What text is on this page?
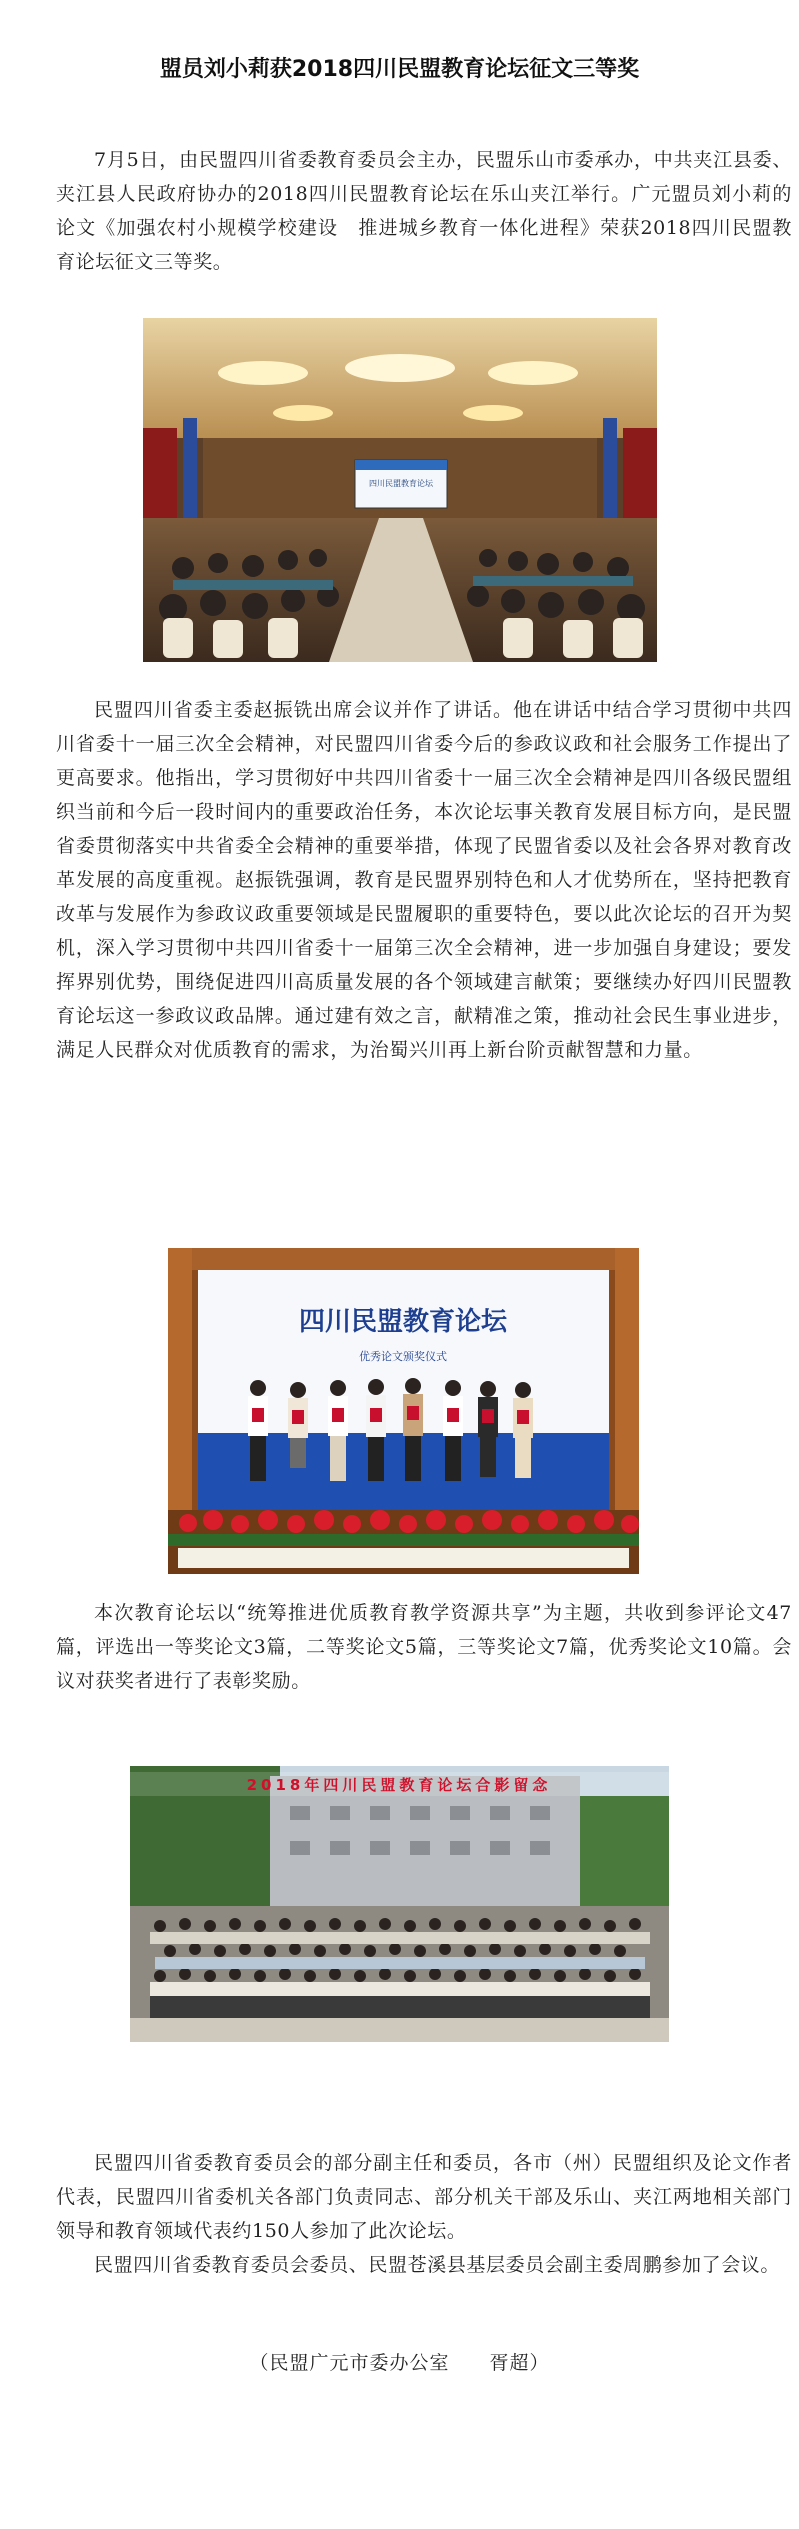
盟员刘小莉获2018四川民盟教育论坛征文三等奖

7月5日，由民盟四川省委教育委员会主办，民盟乐山市委承办，中共夹江县委、夹江县人民政府协办的2018四川民盟教育论坛在乐山夹江举行。广元盟员刘小莉的论文《加强农村小规模学校建设　推进城乡教育一体化进程》荣获2018四川民盟教育论坛征文三等奖。

四川民盟教育论坛

民盟四川省委主委赵振铣出席会议并作了讲话。他在讲话中结合学习贯彻中共四川省委十一届三次全会精神，对民盟四川省委今后的参政议政和社会服务工作提出了更高要求。他指出，学习贯彻好中共四川省委十一届三次全会精神是四川各级民盟组织当前和今后一段时间内的重要政治任务，本次论坛事关教育发展目标方向，是民盟省委贯彻落实中共省委全会精神的重要举措，体现了民盟省委以及社会各界对教育改革发展的高度重视。赵振铣强调，教育是民盟界别特色和人才优势所在，坚持把教育改革与发展作为参政议政重要领域是民盟履职的重要特色，要以此次论坛的召开为契机，深入学习贯彻中共四川省委十一届第三次全会精神，进一步加强自身建设；要发挥界别优势，围绕促进四川高质量发展的各个领域建言献策；要继续办好四川民盟教育论坛这一参政议政品牌。通过建有效之言，献精准之策，推动社会民生事业进步，满足人民群众对优质教育的需求，为治蜀兴川再上新台阶贡献智慧和力量。

四川民盟教育论坛
优秀论文颁奖仪式

本次教育论坛以“统筹推进优质教育教学资源共享”为主题，共收到参评论文47篇，评选出一等奖论文3篇，二等奖论文5篇，三等奖论文7篇，优秀奖论文10篇。会议对获奖者进行了表彰奖励。

2018年四川民盟教育论坛合影留念

民盟四川省委教育委员会的部分副主任和委员，各市（州）民盟组织及论文作者代表，民盟四川省委机关各部门负责同志、部分机关干部及乐山、夹江两地相关部门领导和教育领域代表约150人参加了此次论坛。

民盟四川省委教育委员会委员、民盟苍溪县基层委员会副主委周鹏参加了会议。

（民盟广元市委办公室　　胥超）
